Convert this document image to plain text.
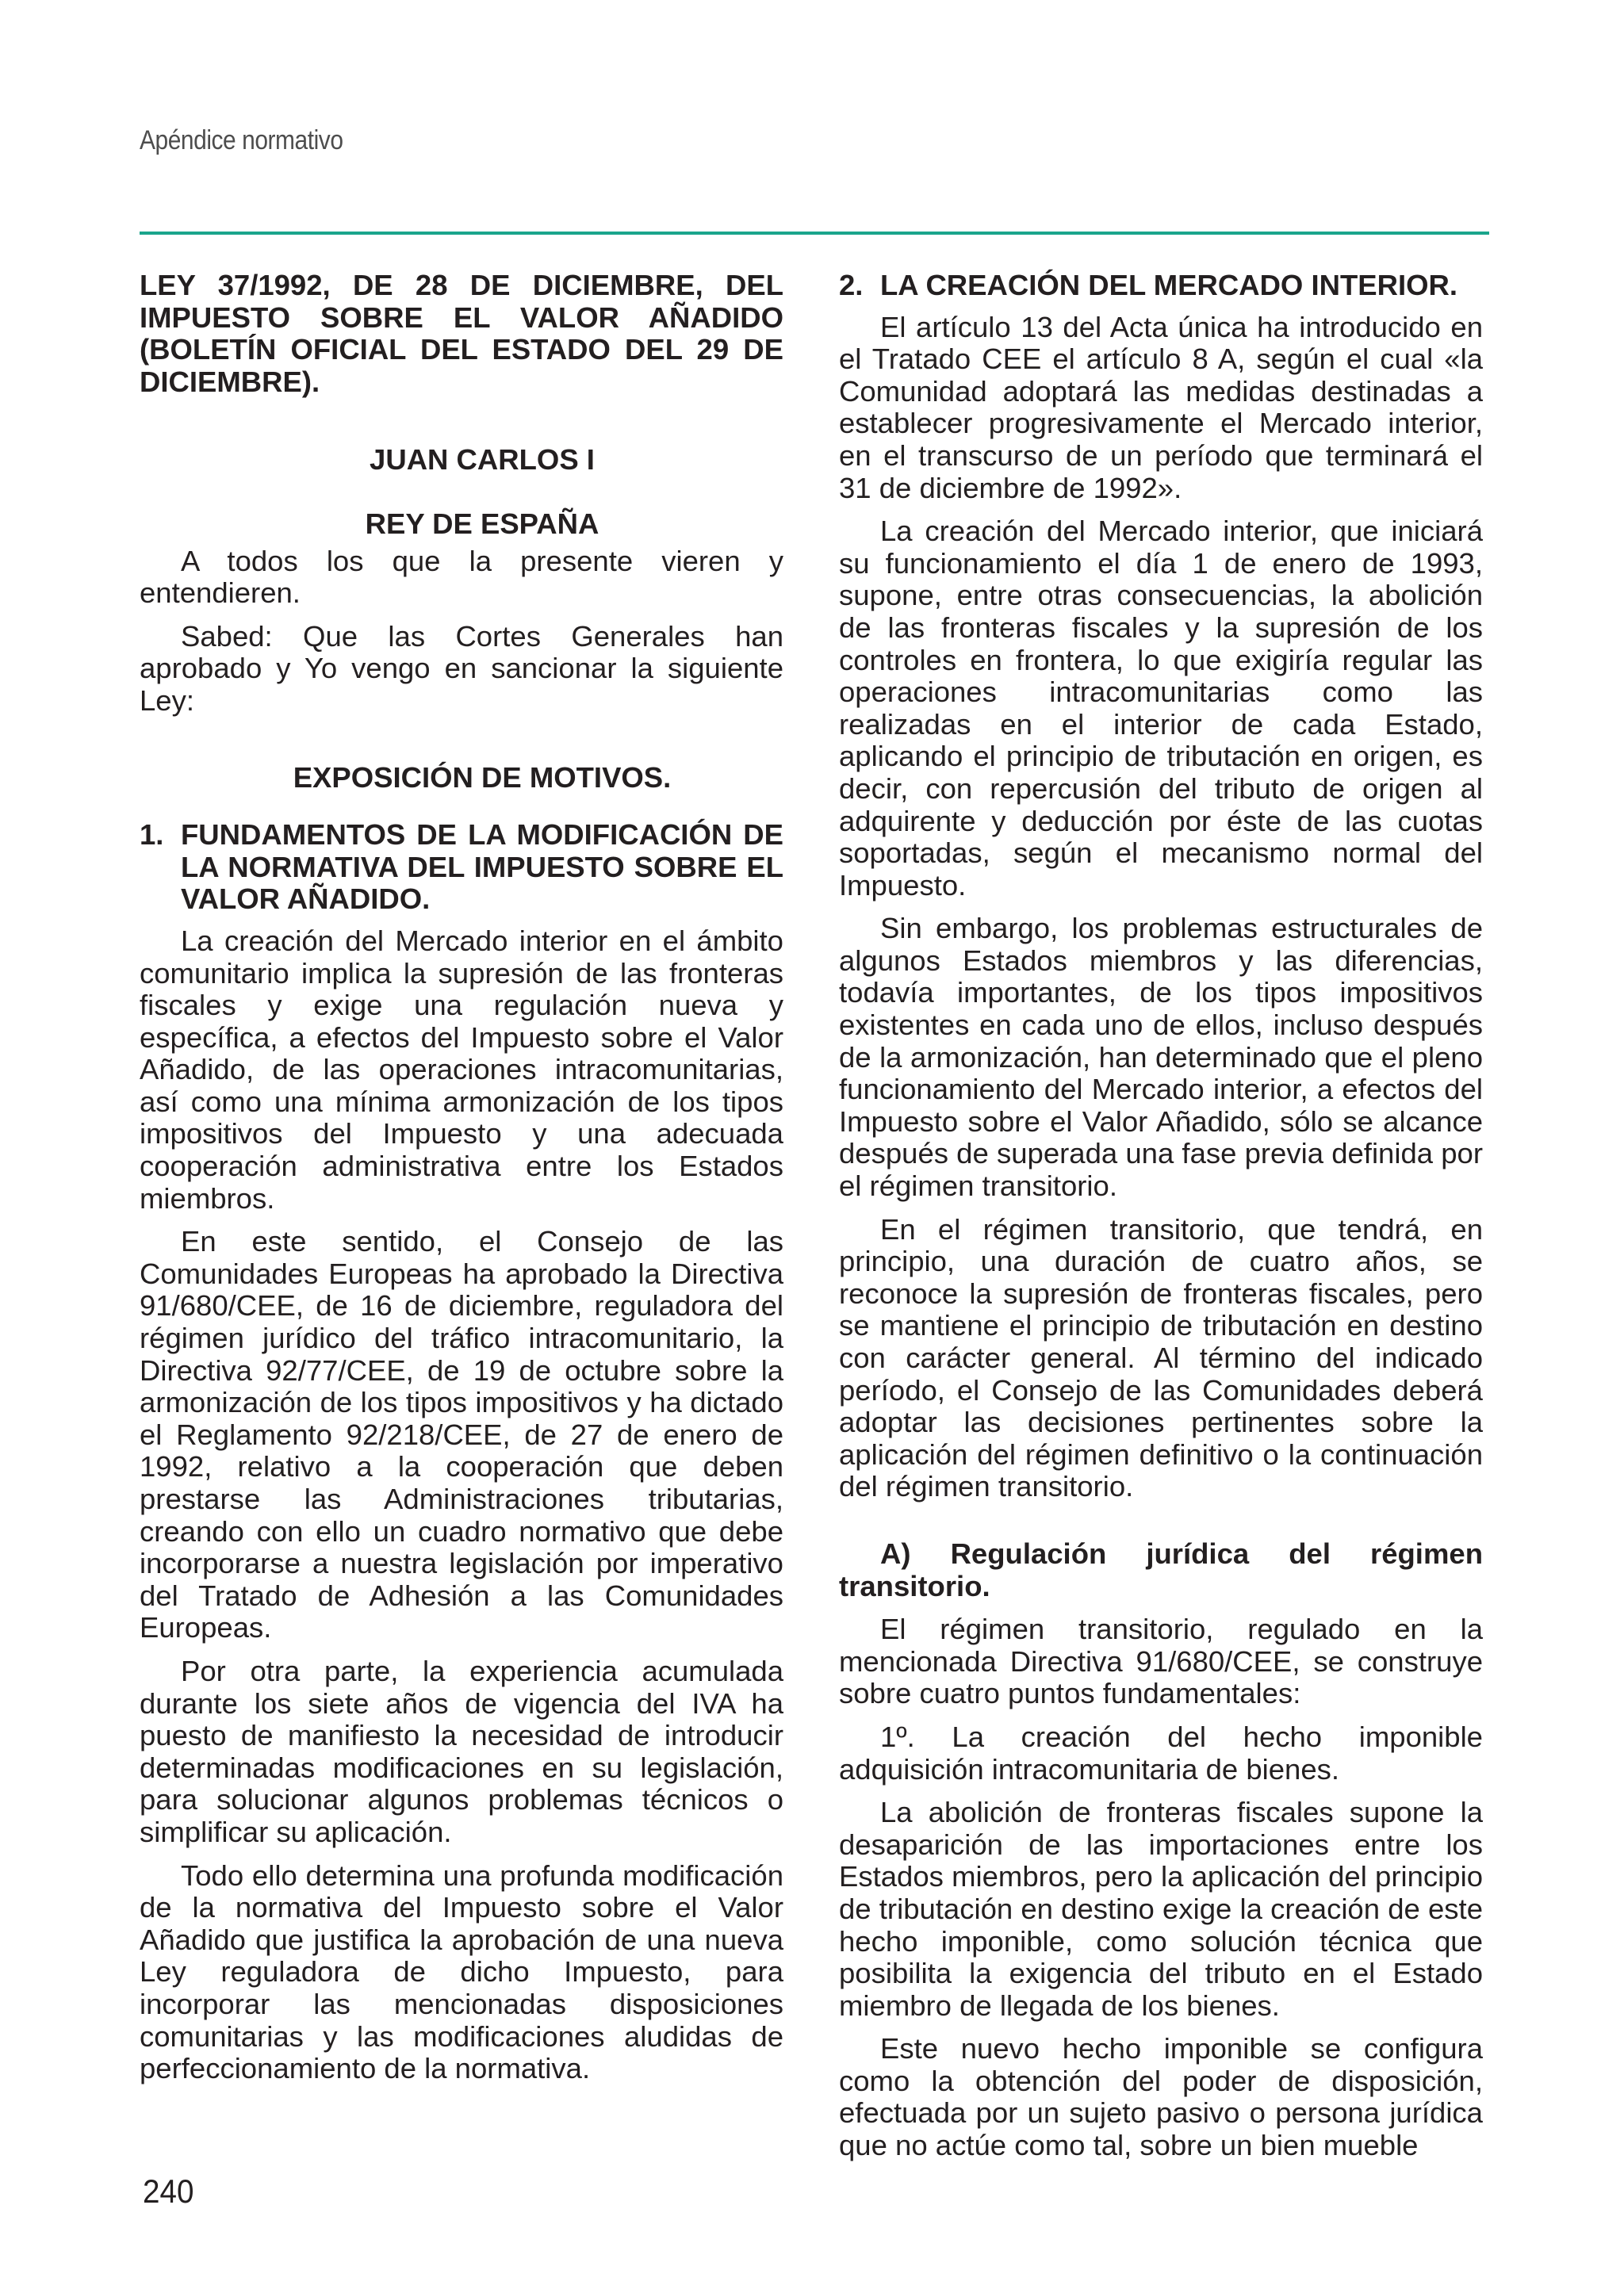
Apéndice normativo

LEY 37/1992, DE 28 DE DICIEMBRE, DEL IMPUESTO SOBRE EL VALOR AÑADIDO (BOLETÍN OFICIAL DEL ESTADO DEL 29 DE DICIEMBRE).

JUAN CARLOS I

REY DE ESPAÑA

A todos los que la presente vieren y entendieren.

Sabed: Que las Cortes Generales han aprobado y Yo vengo en sancionar la siguiente Ley:

EXPOSICIÓN DE MOTIVOS.

1. FUNDAMENTOS DE LA MODIFICACIÓN DE LA NORMATIVA DEL IMPUESTO SOBRE EL VALOR AÑADIDO.

La creación del Mercado interior en el ámbito comunitario implica la supresión de las fronteras fiscales y exige una regulación nueva y específica, a efectos del Impuesto sobre el Valor Añadido, de las operaciones intracomunitarias, así como una mínima armonización de los tipos impositivos del Impuesto y una adecuada cooperación administrativa entre los Estados miembros.

En este sentido, el Consejo de las Comunidades Europeas ha aprobado la Directiva 91/680/CEE, de 16 de diciembre, reguladora del régimen jurídico del tráfico intracomunitario, la Directiva 92/77/CEE, de 19 de octubre sobre la armonización de los tipos impositivos y ha dictado el Reglamento 92/218/CEE, de 27 de enero de 1992, relativo a la cooperación que deben prestarse las Administraciones tributarias, creando con ello un cuadro normativo que debe incorporarse a nuestra legislación por imperativo del Tratado de Adhesión a las Comunidades Europeas.

Por otra parte, la experiencia acumulada durante los siete años de vigencia del IVA ha puesto de manifiesto la necesidad de introducir determinadas modificaciones en su legislación, para solucionar algunos problemas técnicos o simplificar su aplicación.

Todo ello determina una profunda modificación de la normativa del Impuesto sobre el Valor Añadido que justifica la aprobación de una nueva Ley reguladora de dicho Impuesto, para incorporar las mencionadas disposiciones comunitarias y las modificaciones aludidas de perfeccionamiento de la normativa.

2. LA CREACIÓN DEL MERCADO INTERIOR.

El artículo 13 del Acta única ha introducido en el Tratado CEE el artículo 8 A, según el cual «la Comunidad adoptará las medidas destinadas a establecer progresivamente el Mercado interior, en el transcurso de un período que terminará el 31 de diciembre de 1992».

La creación del Mercado interior, que iniciará su funcionamiento el día 1 de enero de 1993, supone, entre otras consecuencias, la abolición de las fronteras fiscales y la supresión de los controles en frontera, lo que exigiría regular las operaciones intracomunitarias como las realizadas en el interior de cada Estado, aplicando el principio de tributación en origen, es decir, con repercusión del tributo de origen al adquirente y deducción por éste de las cuotas soportadas, según el mecanismo normal del Impuesto.

Sin embargo, los problemas estructurales de algunos Estados miembros y las diferencias, todavía importantes, de los tipos impositivos existentes en cada uno de ellos, incluso después de la armonización, han determinado que el pleno funcionamiento del Mercado interior, a efectos del Impuesto sobre el Valor Añadido, sólo se alcance después de superada una fase previa definida por el régimen transitorio.

En el régimen transitorio, que tendrá, en principio, una duración de cuatro años, se reconoce la supresión de fronteras fiscales, pero se mantiene el principio de tributación en destino con carácter general. Al término del indicado período, el Consejo de las Comunidades deberá adoptar las decisiones pertinentes sobre la aplicación del régimen definitivo o la continuación del régimen transitorio.

A) Regulación jurídica del régimen transitorio.

El régimen transitorio, regulado en la mencionada Directiva 91/680/CEE, se construye sobre cuatro puntos fundamentales:

1º. La creación del hecho imponible adquisición intracomunitaria de bienes.

La abolición de fronteras fiscales supone la desaparición de las importaciones entre los Estados miembros, pero la aplicación del principio de tributación en destino exige la creación de este hecho imponible, como solución técnica que posibilita la exigencia del tributo en el Estado miembro de llegada de los bienes.

Este nuevo hecho imponible se configura como la obtención del poder de disposición, efectuada por un sujeto pasivo o persona jurídica que no actúe como tal, sobre un bien mueble

240
